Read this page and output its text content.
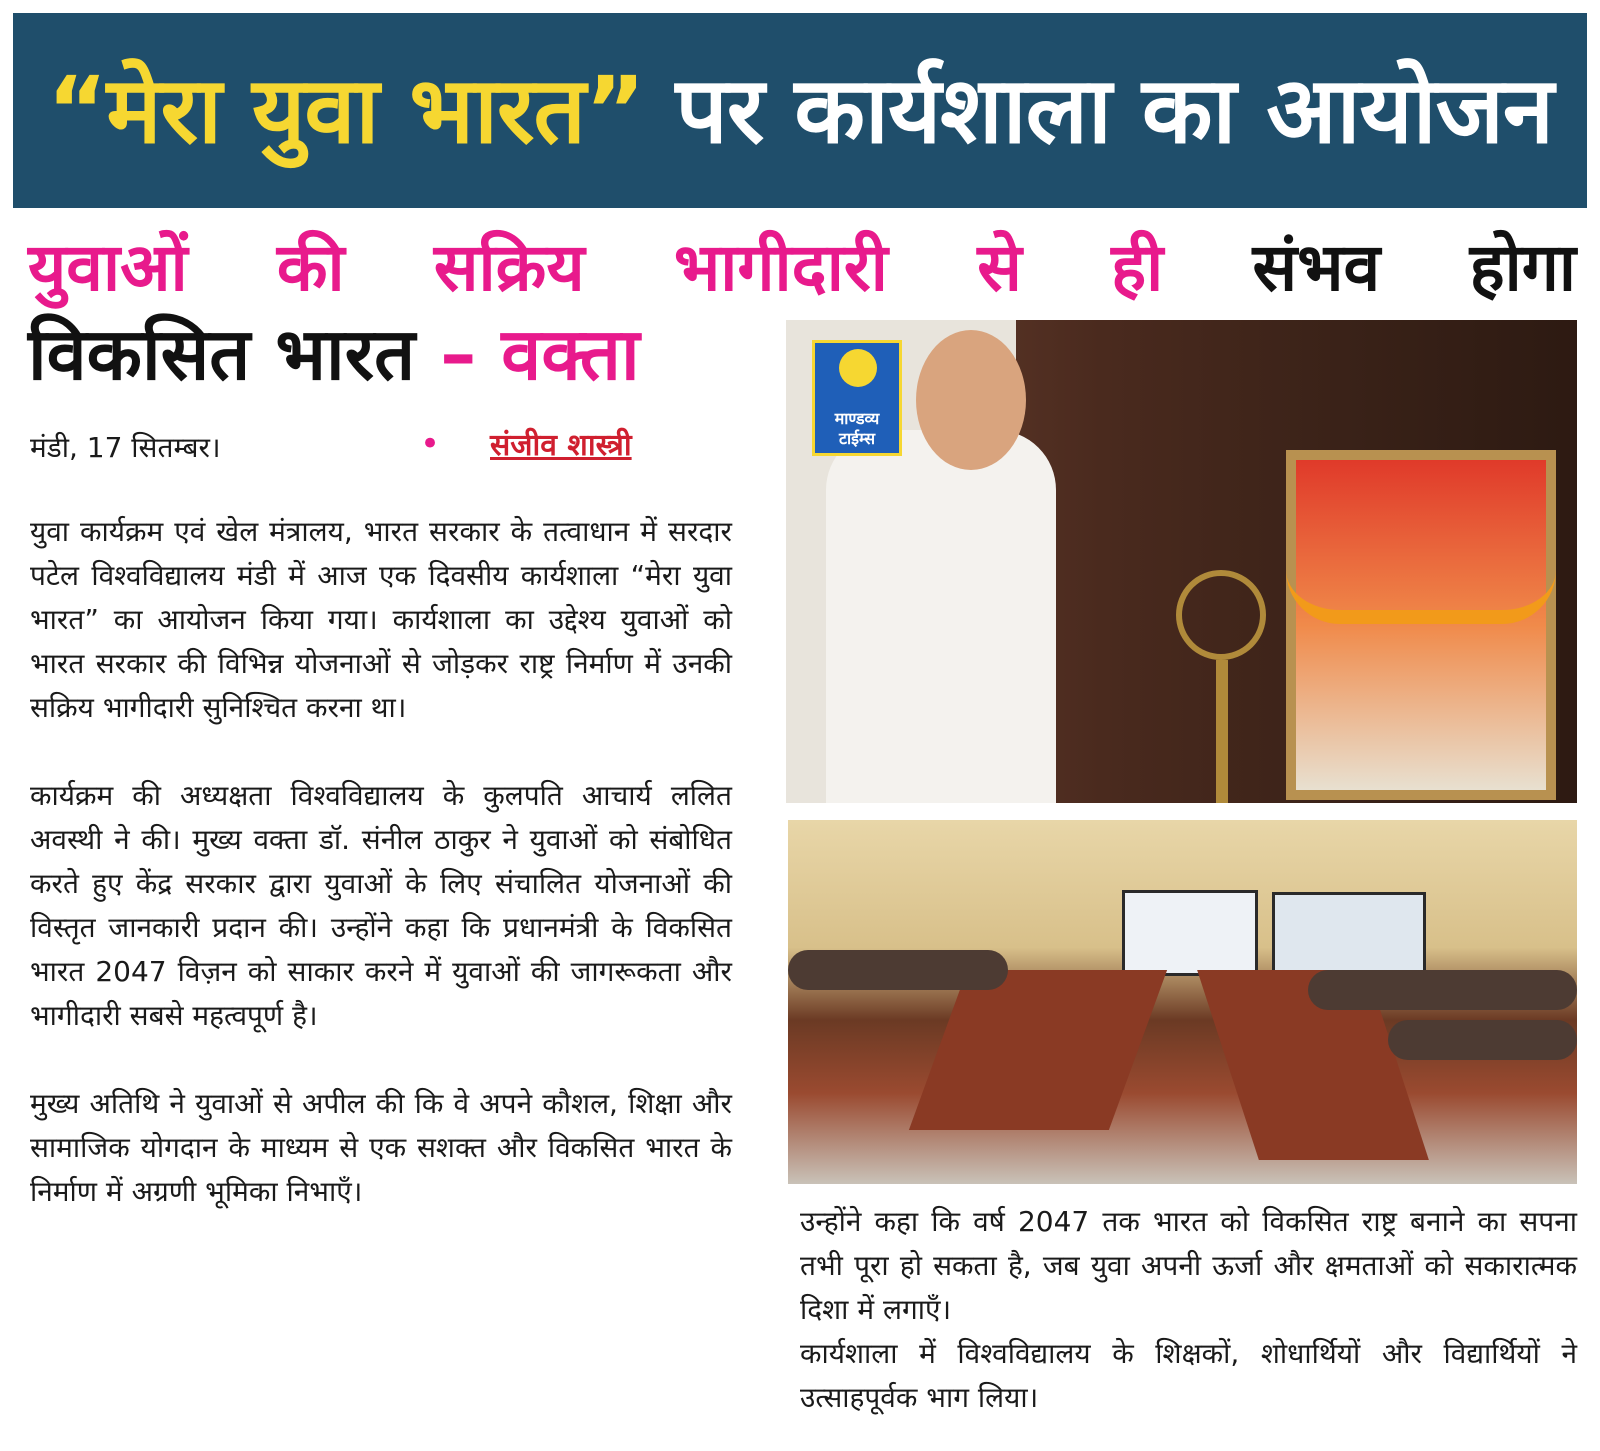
“मेरा युवा भारत” पर कार्यशाला का आयोजन
युवाओं की सक्रिय भागीदारी से ही संभव होगा
विकसित भारत – वक्ता
मंडी, 17 सितम्बर।	• संजीव शास्त्री

युवा कार्यक्रम एवं खेल मंत्रालय, भारत सरकार के तत्वाधान में सरदार पटेल विश्वविद्यालय मंडी में आज एक दिवसीय कार्यशाला “मेरा युवा भारत” का आयोजन किया गया। कार्यशाला का उद्देश्य युवाओं को भारत सरकार की विभिन्न योजनाओं से जोड़कर राष्ट्र निर्माण में उनकी सक्रिय भागीदारी सुनिश्चित करना था।

कार्यक्रम की अध्यक्षता विश्वविद्यालय के कुलपति आचार्य ललित अवस्थी ने की। मुख्य वक्ता डॉ. संनील ठाकुर ने युवाओं को संबोधित करते हुए केंद्र सरकार द्वारा युवाओं के लिए संचालित योजनाओं की विस्तृत जानकारी प्रदान की। उन्होंने कहा कि प्रधानमंत्री के विकसित भारत 2047 विज़न को साकार करने में युवाओं की जागरूकता और भागीदारी सबसे महत्वपूर्ण है।

मुख्य अतिथि ने युवाओं से अपील की कि वे अपने कौशल, शिक्षा और सामाजिक योगदान के माध्यम से एक सशक्त और विकसित भारत के निर्माण में अग्रणी भूमिका निभाएँ।

माण्डव्य
टाईम्स

उन्होंने कहा कि वर्ष 2047 तक भारत को विकसित राष्ट्र बनाने का सपना तभी पूरा हो सकता है, जब युवा अपनी ऊर्जा और क्षमताओं को सकारात्मक दिशा में लगाएँ।

कार्यशाला में विश्वविद्यालय के शिक्षकों, शोधार्थियों और विद्यार्थियों ने उत्साहपूर्वक भाग लिया।
